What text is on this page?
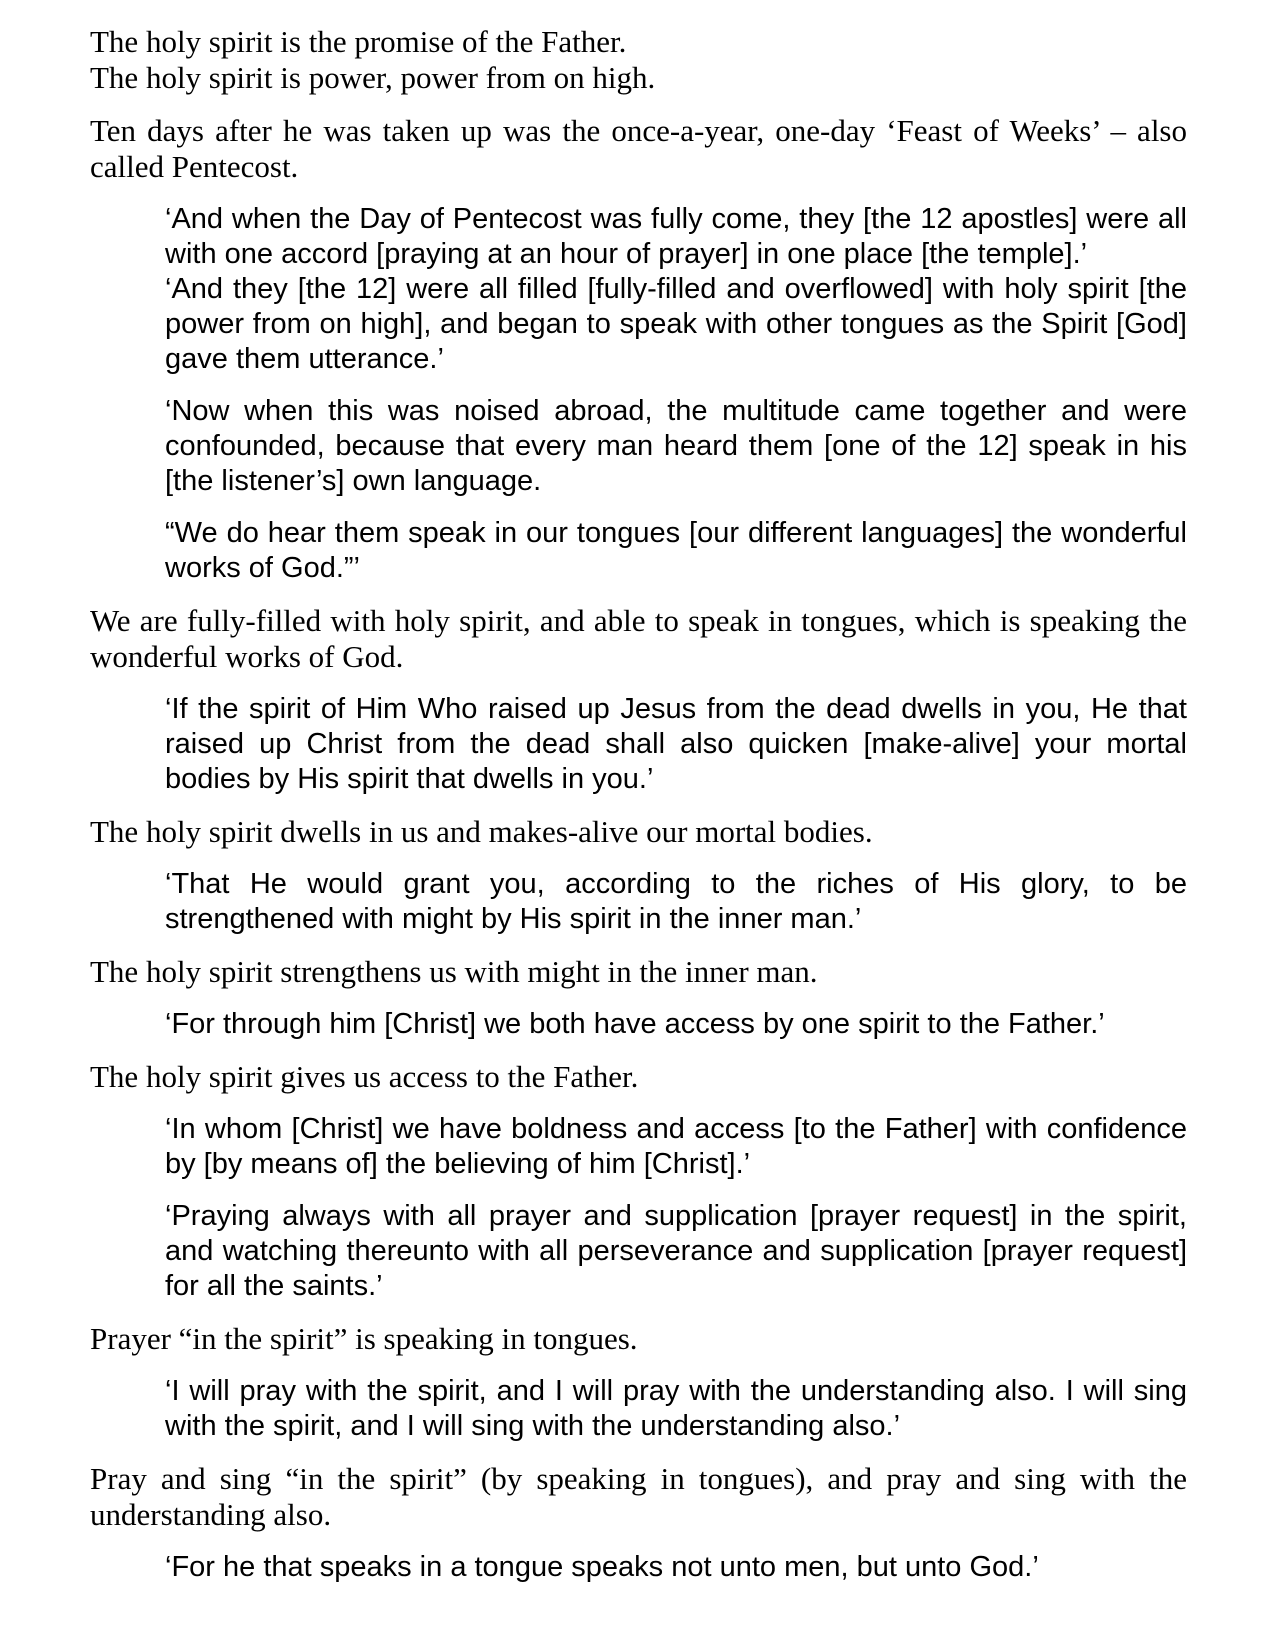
The holy spirit is the promise of the Father.

The holy spirit is power, power from on high.

Ten days after he was taken up was the once-a-year, one-day ‘Feast of Weeks’ – also called Pentecost.

‘And when the Day of Pentecost was fully come, they [the 12 apostles] were all with one accord [praying at an hour of prayer] in one place [the temple].’

‘And they [the 12] were all filled [fully-filled and overflowed] with holy spirit [the power from on high], and began to speak with other tongues as the Spirit [God] gave them utterance.’

‘Now when this was noised abroad, the multitude came together and were confounded, because that every man heard them [one of the 12] speak in his [the listener’s] own language.

“We do hear them speak in our tongues [our different languages] the wonderful works of God.”’

We are fully-filled with holy spirit, and able to speak in tongues, which is speaking the wonderful works of God.

‘If the spirit of Him Who raised up Jesus from the dead dwells in you, He that raised up Christ from the dead shall also quicken [make-alive] your mortal bodies by His spirit that dwells in you.’

The holy spirit dwells in us and makes-alive our mortal bodies.

‘That He would grant you, according to the riches of His glory, to be strengthened with might by His spirit in the inner man.’

The holy spirit strengthens us with might in the inner man.

‘For through him [Christ] we both have access by one spirit to the Father.’

The holy spirit gives us access to the Father.

‘In whom [Christ] we have boldness and access [to the Father] with confidence by [by means of] the believing of him [Christ].’

‘Praying always with all prayer and supplication [prayer request] in the spirit, and watching thereunto with all perseverance and supplication [prayer request] for all the saints.’

Prayer “in the spirit” is speaking in tongues.

‘I will pray with the spirit, and I will pray with the understanding also. I will sing with the spirit, and I will sing with the understanding also.’

Pray and sing “in the spirit” (by speaking in tongues), and pray and sing with the understanding also.

‘For he that speaks in a tongue speaks not unto men, but unto God.’
